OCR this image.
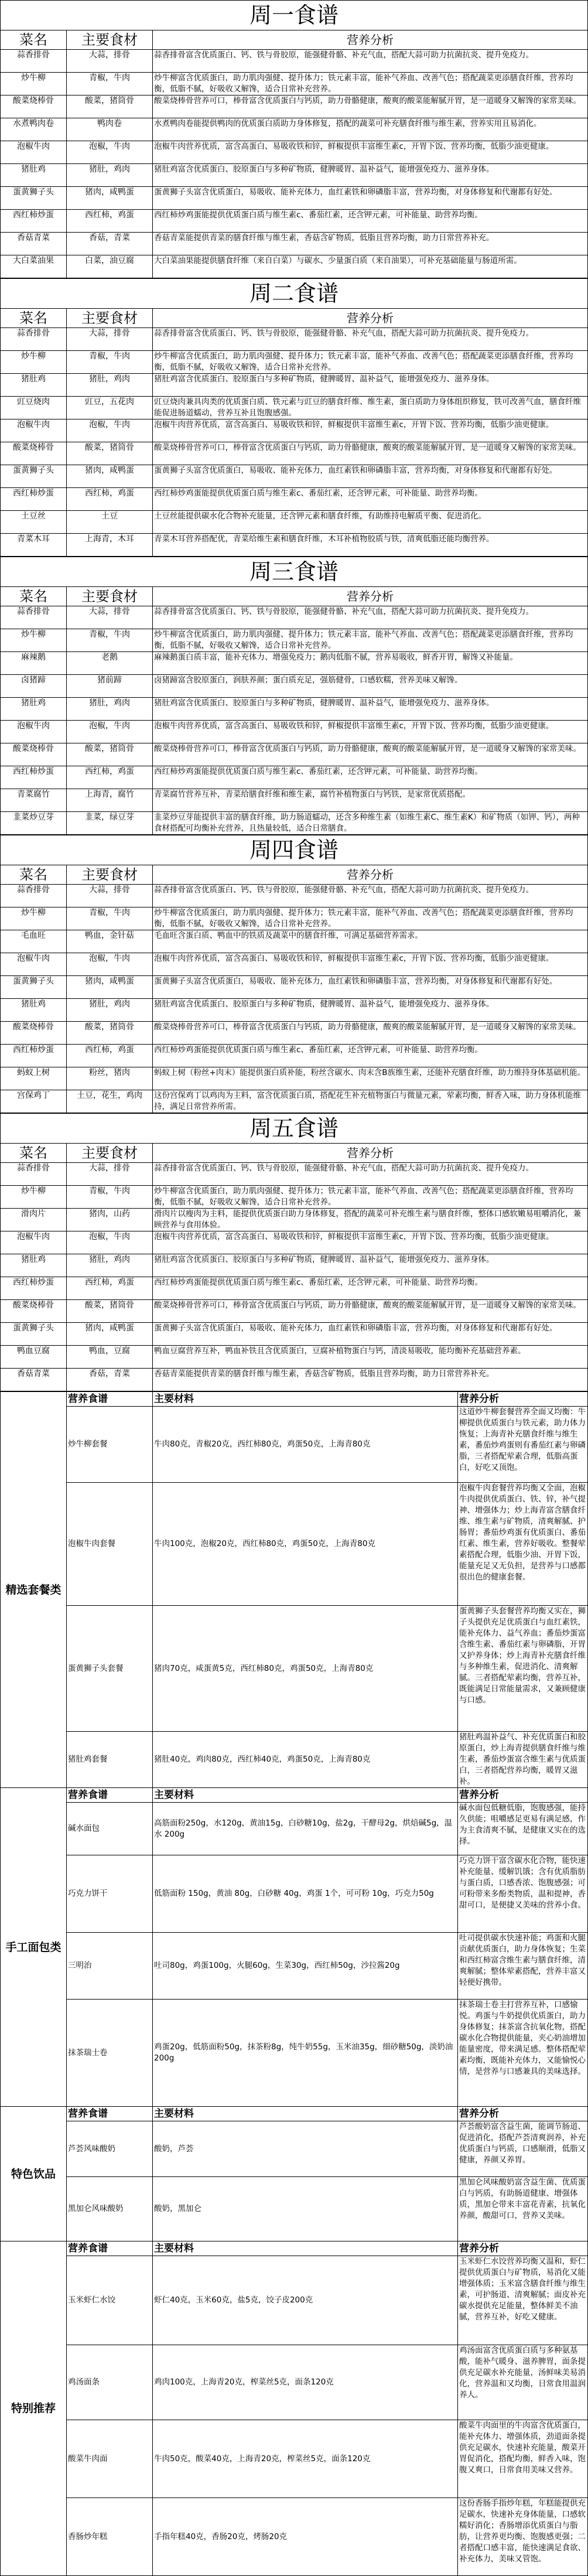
周一食谱		
菜名	主要食材	营养分析
蒜香排骨	大蒜，排骨	蒜香排骨富含优质蛋白、钙、铁与骨胶原，能强健骨骼、补充气血，搭配大蒜可助力抗菌抗炎、提升免疫力。
炒牛柳	青椒，牛肉	炒牛柳富含优质蛋白，助力肌肉强健、提升体力；铁元素丰富，能补气养血、改善气色；搭配蔬菜更添膳食纤维，营养均衡，低脂不腻，好吸收又解馋，适合日常补充营养。
酸菜烧棒骨	酸菜，猪筒骨	酸菜烧棒骨营养可口，棒骨富含优质蛋白与钙质，助力骨骼健康，酸爽的酸菜能解腻开胃，是一道暖身又解馋的家常美味。
水煮鸭肉卷	鸭肉卷	水煮鸭肉卷能提供鸭肉的优质蛋白质助力身体修复，搭配的蔬菜可补充膳食纤维与维生素，营养实用且易消化。
泡椒牛肉	泡椒，牛肉	泡椒牛肉营养优质，富含高蛋白、易吸收铁和锌，鲜椒提供丰富维生素c，开胃下饭、营养均衡，低脂少油更健康。
猪肚鸡	猪肚，鸡肉	猪肚鸡富含优质蛋白、胶原蛋白与多种矿物质，健脾暖胃、温补益气，能增强免疫力、滋养身体。
蛋黄狮子头	猪肉，咸鸭蛋	蛋黄狮子头富含优质蛋白，易吸收、能补充体力，血红素铁和卵磷脂丰富，营养均衡，对身体修复和代谢都有好处。
西红柿炒蛋	西红柿，鸡蛋	西红柿炒鸡蛋能提供优质蛋白质与维生素c、番茄红素，还含钾元素，可补能量、助营养均衡。
香菇青菜	香菇，青菜	香菇青菜能提供青菜的膳食纤维与维生素，香菇含矿物质，低脂且营养均衡，助力日常营养补充。
大白菜油果	白菜，油豆腐	大白菜油果能提供膳食纤维（来自白菜）与碳水、少量蛋白质（来自油果），可补充基础能量与肠道所需。
周二食谱		
菜名	主要食材	营养分析
蒜香排骨	大蒜，排骨	蒜香排骨富含优质蛋白、钙、铁与骨胶原，能强健骨骼、补充气血，搭配大蒜可助力抗菌抗炎、提升免疫力。
炒牛柳	青椒，牛肉	炒牛柳富含优质蛋白，助力肌肉强健、提升体力；铁元素丰富，能补气养血、改善气色；搭配蔬菜更添膳食纤维，营养均衡，低脂不腻，好吸收又解馋，适合日常补充营养。
猪肚鸡	猪肚，鸡肉	猪肚鸡富含优质蛋白、胶原蛋白与多种矿物质，健脾暖胃、温补益气，能增强免疫力、滋养身体。
豇豆烧肉	豇豆，五花肉	豇豆烧肉兼具肉类的优质蛋白质、铁元素与豇豆的膳食纤维、维生素，蛋白质助力身体组织修复，铁可改善气血，膳食纤维能促进肠道蠕动，营养互补且饱腹感强。
泡椒牛肉	泡椒，牛肉	泡椒牛肉营养优质，富含高蛋白、易吸收铁和锌，鲜椒提供丰富维生素c，开胃下饭、营养均衡，低脂少油更健康。
酸菜烧棒骨	酸菜，猪筒骨	酸菜烧棒骨营养可口，棒骨富含优质蛋白与钙质，助力骨骼健康，酸爽的酸菜能解腻开胃，是一道暖身又解馋的家常美味。
蛋黄狮子头	猪肉，咸鸭蛋	蛋黄狮子头富含优质蛋白，易吸收、能补充体力，血红素铁和卵磷脂丰富，营养均衡，对身体修复和代谢都有好处。
西红柿炒蛋	西红柿，鸡蛋	西红柿炒鸡蛋能提供优质蛋白质与维生素c、番茄红素，还含钾元素，可补能量、助营养均衡。
土豆丝	土豆	土豆丝能提供碳水化合物补充能量，还含钾元素和膳食纤维，有助维持电解质平衡、促进消化。
青菜木耳	上海青，木耳	青菜木耳营养搭配优，青菜给维生素和膳食纤维，木耳补植物胶质与铁，清爽低脂还能均衡营养。
周三食谱		
菜名	主要食材	营养分析
蒜香排骨	大蒜，排骨	蒜香排骨富含优质蛋白、钙、铁与骨胶原，能强健骨骼、补充气血，搭配大蒜可助力抗菌抗炎、提升免疫力。
炒牛柳	青椒，牛肉	炒牛柳富含优质蛋白，助力肌肉强健、提升体力；铁元素丰富，能补气养血、改善气色；搭配蔬菜更添膳食纤维，营养均衡，低脂不腻，好吸收又解馋，适合日常补充营养。
麻辣鹅	老鹅	麻辣鹅蛋白质丰富，能补充体力、增强免疫力；鹅肉低脂不腻，营养易吸收，鲜香开胃，解馋又补能量。
卤猪蹄	猪前蹄	卤猪蹄富含胶原蛋白，润肤养颜；蛋白质充足，强筋健骨，口感软糯，营养美味又解馋。
猪肚鸡	猪肚，鸡肉	猪肚鸡富含优质蛋白、胶原蛋白与多种矿物质，健脾暖胃、温补益气，能增强免疫力、滋养身体。
泡椒牛肉	泡椒，牛肉	泡椒牛肉营养优质，富含高蛋白、易吸收铁和锌，鲜椒提供丰富维生素c，开胃下饭、营养均衡，低脂少油更健康。
酸菜烧棒骨	酸菜，猪筒骨	酸菜烧棒骨营养可口，棒骨富含优质蛋白与钙质，助力骨骼健康，酸爽的酸菜能解腻开胃，是一道暖身又解馋的家常美味。
西红柿炒蛋	西红柿，鸡蛋	西红柿炒鸡蛋能提供优质蛋白质与维生素c、番茄红素，还含钾元素，可补能量、助营养均衡。
青菜腐竹	上海青，腐竹	青菜腐竹营养互补，青菜给膳食纤维和维生素，腐竹补植物蛋白与钙铁，是家常优质搭配。
韭菜炒豆芽	韭菜，绿豆芽	韭菜炒豆芽能提供丰富的膳食纤维，助力肠道蠕动，还含多种维生素（如维生素C、维生素K）和矿物质（如钾、钙），两种食材搭配可均衡补充营养，且热量较低，适合日常膳食。
周四食谱		
菜名	主要食材	营养分析
蒜香排骨	大蒜，排骨	蒜香排骨富含优质蛋白、钙、铁与骨胶原，能强健骨骼、补充气血，搭配大蒜可助力抗菌抗炎、提升免疫力。
炒牛柳	青椒，牛肉	炒牛柳富含优质蛋白，助力肌肉强健、提升体力；铁元素丰富，能补气养血、改善气色；搭配蔬菜更添膳食纤维，营养均衡，低脂不腻，好吸收又解馋，适合日常补充营养。
毛血旺	鸭血，金针菇	毛血旺含蛋白质、鸭血中的铁质及蔬菜中的膳食纤维，可满足基础营养需求。
泡椒牛肉	泡椒，牛肉	泡椒牛肉营养优质，富含高蛋白、易吸收铁和锌，鲜椒提供丰富维生素c，开胃下饭、营养均衡，低脂少油更健康。
蛋黄狮子头	猪肉，咸鸭蛋	蛋黄狮子头富含优质蛋白，易吸收、能补充体力，血红素铁和卵磷脂丰富，营养均衡，对身体修复和代谢都有好处。
猪肚鸡	猪肚，鸡肉	猪肚鸡富含优质蛋白、胶原蛋白与多种矿物质，健脾暖胃、温补益气，能增强免疫力、滋养身体。
酸菜烧棒骨	酸菜，猪筒骨	酸菜烧棒骨营养可口，棒骨富含优质蛋白与钙质，助力骨骼健康，酸爽的酸菜能解腻开胃，是一道暖身又解馋的家常美味。
西红柿炒蛋	西红柿，鸡蛋	西红柿炒鸡蛋能提供优质蛋白质与维生素c、番茄红素，还含钾元素，可补能量、助营养均衡。
蚂蚁上树	粉丝，猪肉	蚂蚁上树（粉丝+肉末）能提供蛋白质补能，粉丝含碳水、肉末含B族维生素，还能补充膳食纤维，助力维持身体基础机能。
宫保鸡丁	土豆，花生，鸡肉	这份宫保鸡丁以鸡肉为主料，富含优质蛋白质，搭配花生补充植物蛋白与微量元素，荤素均衡，鲜香入味，助力身体机能维持，满足日常营养所需。
周五食谱		
菜名	主要食材	营养分析
蒜香排骨	大蒜，排骨	蒜香排骨富含优质蛋白、钙、铁与骨胶原，能强健骨骼、补充气血，搭配大蒜可助力抗菌抗炎、提升免疫力。
炒牛柳	青椒，牛肉	炒牛柳富含优质蛋白，助力肌肉强健、提升体力；铁元素丰富，能补气养血、改善气色；搭配蔬菜更添膳食纤维，营养均衡，低脂不腻，好吸收又解馋，适合日常补充营养。
滑肉片	猪肉，山药	滑肉片以瘦肉为主料，能提供优质蛋白助力身体修复，搭配的蔬菜可补充维生素与膳食纤维，整体口感软嫩易咀嚼消化，兼顾营养与食用体验。
泡椒牛肉	泡椒，牛肉	泡椒牛肉营养优质，富含高蛋白、易吸收铁和锌，鲜椒提供丰富维生素c，开胃下饭、营养均衡，低脂少油更健康。
猪肚鸡	猪肚，鸡肉	猪肚鸡富含优质蛋白、胶原蛋白与多种矿物质，健脾暖胃、温补益气，能增强免疫力、滋养身体。
西红柿炒蛋	西红柿，鸡蛋	西红柿炒鸡蛋能提供优质蛋白质与维生素c、番茄红素，还含钾元素，可补能量、助营养均衡。
酸菜烧棒骨	酸菜，猪筒骨	酸菜烧棒骨营养可口，棒骨富含优质蛋白与钙质，助力骨骼健康，酸爽的酸菜能解腻开胃，是一道暖身又解馋的家常美味。
蛋黄狮子头	猪肉，咸鸭蛋	蛋黄狮子头富含优质蛋白，易吸收、能补充体力，血红素铁和卵磷脂丰富，营养均衡，对身体修复和代谢都有好处。
鸭血豆腐	鸭血，豆腐	鸭血豆腐营养互补，鸭血补铁且含优质蛋白，豆腐补植物蛋白与钙，清淡易吸收，能均衡补充基础营养素。
香菇青菜	香菇，青菜	香菇青菜能提供青菜的膳食纤维与维生素，香菇含矿物质，低脂且营养均衡，助力日常营养补充。
精选套餐类	营养食谱	主要材料	营养分析
	炒牛柳套餐	牛肉80克，青椒20克，西红柿80克，鸡蛋50克，上海青80克	这道炒牛柳套餐营养全面又均衡：牛柳提供优质蛋白与铁元素，助力体力恢复；上海青补充膳食纤维与维生素，番茄炒鸡蛋则有番茄红素与卵磷脂，三者搭配荤素合理，低脂高蛋白，好吃又顶饱。
	泡椒牛肉套餐	牛肉100克，泡椒20克，西红柿80克，鸡蛋50克，上海青80克	泡椒牛肉套餐营养均衡又全面，泡椒牛肉提供优质蛋白、铁、锌，补气提神、增强体力；炒上海青富含膳食纤维、维生素与矿物质，清爽解腻、护肠胃；番茄炒鸡蛋有优质蛋白、番茄红素、维生素，营养好吸收。整餐荤素搭配合理，低脂少油、开胃下饭，能量充足又无负担，是营养与口感都很出色的健康套餐。
	蛋黄狮子头套餐	猪肉70克，咸蛋黄5克，西红柿80克，鸡蛋50克，上海青80克	蛋黄狮子头套餐营养均衡又实在，狮子头提供充足优质蛋白与血红素铁，能补充体力、益气养血；番茄炒蛋富含维生素、番茄红素与卵磷脂，开胃又护养身体；炒上海青补充膳食纤维与多种维生素，促进消化、清爽解腻。三者搭配荤素均衡，营养互补，既能满足日常能量需求，又兼顾健康与口感。
	猪肚鸡套餐	猪肚40克，鸡肉80克，西红柿40克，鸡蛋50克，上海青80克	猪肚鸡温补益气、补充优质蛋白和胶原蛋白，炒上海青提供膳食纤维与维生素，番茄炒蛋富含维生素与优质蛋白，三者搭配营养均衡，暖胃又滋补。
手工面包类	营养食谱	主要材料	营养分析
	碱水面包	高筋面粉250g，水120g，黄油15g，白砂糖10g，盐2g，干酵母2g，烘焙碱5g，温水 200g	碱水面包低糖低脂，饱腹感强，能持久供能；咀嚼感足更易有满足感，作为主食清爽不腻，是健康又实在的选择。
	巧克力饼干	低筋面粉 150g，黄油 80g，白砂糖 40g，鸡蛋 1个，可可粉 10g，巧克力50g	巧克力饼干富含碳水化合物，能快速补充能量、缓解饥饿；含有优质脂肪与蛋白质，口感香浓、饱腹感强；可可粉带来多酚类物质，温和提神，香甜可口，是便捷又美味的营养小食。
	三明治	吐司80g，鸡蛋100g，火腿60g，生菜30g，西红柿50g，沙拉酱20g	吐司提供碳水快速补能；鸡蛋和火腿贡献优质蛋白，助力身体恢复；生菜和西红柿富含维生素与膳食纤维，清爽解腻；整体荤素搭配，营养丰富又轻便好携带。
	抹茶瑞士卷	鸡蛋20g，低筋面粉50g，抹茶粉8g，纯牛奶55g，玉米油35g，细砂糖50g，淡奶油200g	抹茶瑞士卷主打营养互补，口感愉悦。鸡蛋与牛奶提供优质蛋白，助力身体修复；抹茶富含抗氧化物，搭配碳水化合物提供能量，夹心奶油增加能量密度，带来满足感。整体搭配荤素均衡，既能补充体力，又能愉悦心情，是营养与口感兼具的美味选择。
特色饮品	营养食谱	主要材料	营养分析
	芦荟风味酸奶	酸奶，芦荟	芦荟酸奶富含益生菌，能调节肠道、促进消化，搭配芦荟清爽润养，补充优质蛋白与钙质，口感顺滑，低脂又健康，养颜又养胃。
	黑加仑风味酸奶	酸奶，黑加仑	黑加仑风味酸奶富含益生菌、优质蛋白与钙质，有助肠道健康、增强体质，黑加仑带来丰富花青素，抗氧化养颜，酸甜可口，营养又美味。
特别推荐	营养食谱	主要材料	营养分析
	玉米虾仁水饺	虾仁40克，玉米60克，盐5克，饺子皮200克	玉米虾仁水饺营养均衡又温和，虾仁提供优质蛋白与矿物质，易消化又能增强体质；玉米富含膳食纤维与维生素，可护肠道、清爽解腻；面皮补充碳水提供充足能量，整体鲜美不油腻，营养互补，好吃又健康。
	鸡汤面条	鸡肉100克，上海青20克，榨菜丝5克，面条120克	鸡汤面富含优质蛋白质与多种氨基酸，能补气暖身、滋养脾胃，面条提供充足碳水补充能量，汤鲜味美易消化，营养温和又均衡，日常食用温润养人。
	酸菜牛肉面	牛肉50克，酸菜40克，上海青20克，榨菜丝5克，面条120克	酸菜牛肉面里的牛肉富含优质蛋白，能补充体力、增强体质，劲道面条提供充足碳水，快速补充能量，酸菜开胃促消化，搭配均衡，鲜香入味，饱腹又爽口，日常食用美味又营养。
	香肠炒年糕	手指年糕40克，香肠20克，烤肠20克	这份香肠手指炒年糕，年糕能提供充足碳水，快速补充身体能量，口感软糯好消化；香肠增添优质蛋白与脂肪，让营养更均衡、饱腹感更强；二者搭配口感丰富，能快速满足食欲、补充体力，美味又管饱。
